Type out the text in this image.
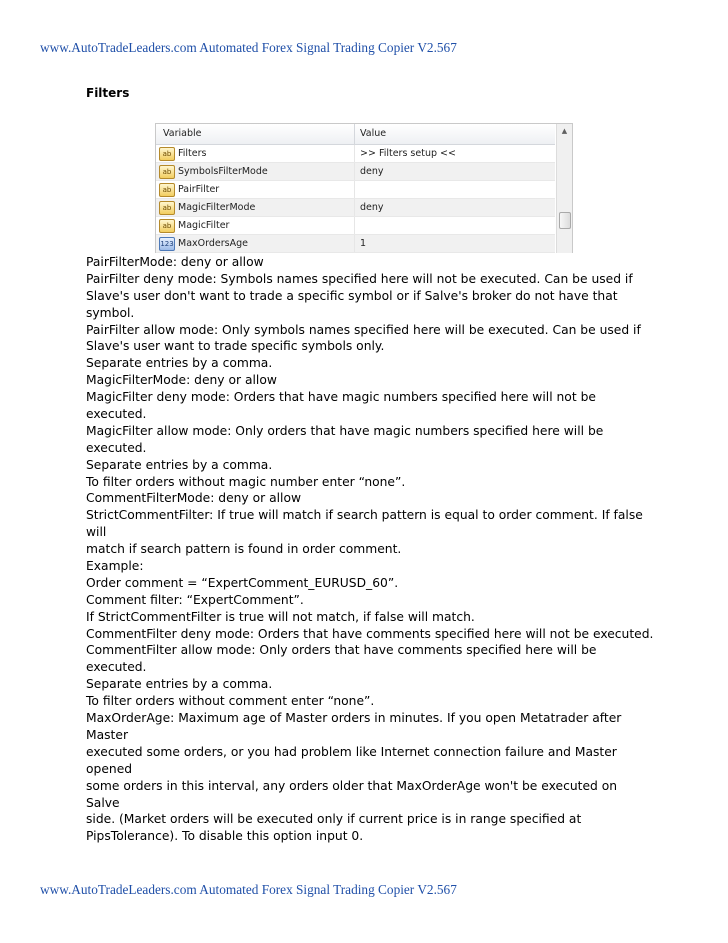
www.AutoTradeLeaders.com Automated Forex Signal Trading Copier V2.567
Filters
Variable	Value
ab Filters	>> Filters setup <<
ab SymbolsFilterMode	deny
ab PairFilter
ab MagicFilterMode	deny
ab MagicFilter
123 MaxOrdersAge	1
▲
PairFilterMode: deny or allow
PairFilter deny mode: Symbols names specified here will not be executed. Can be used if
Slave's user don't want to trade a specific symbol or if Salve's broker do not have that
symbol.
PairFilter allow mode: Only symbols names specified here will be executed. Can be used if
Slave's user want to trade specific symbols only.
Separate entries by a comma.
MagicFilterMode: deny or allow
MagicFilter deny mode: Orders that have magic numbers specified here will not be
executed.
MagicFilter allow mode: Only orders that have magic numbers specified here will be
executed.
Separate entries by a comma.
To filter orders without magic number enter “none”.
CommentFilterMode: deny or allow
StrictCommentFilter: If true will match if search pattern is equal to order comment. If false
will
match if search pattern is found in order comment.
Example:
Order comment = “ExpertComment_EURUSD_60”.
Comment filter: “ExpertComment”.
If StrictCommentFilter is true will not match, if false will match.
CommentFilter deny mode: Orders that have comments specified here will not be executed.
CommentFilter allow mode: Only orders that have comments specified here will be
executed.
Separate entries by a comma.
To filter orders without comment enter “none”.
MaxOrderAge: Maximum age of Master orders in minutes. If you open Metatrader after
Master
executed some orders, or you had problem like Internet connection failure and Master
opened
some orders in this interval, any orders older that MaxOrderAge won't be executed on
Salve
side. (Market orders will be executed only if current price is in range specified at
PipsTolerance). To disable this option input 0.
www.AutoTradeLeaders.com Automated Forex Signal Trading Copier V2.567
